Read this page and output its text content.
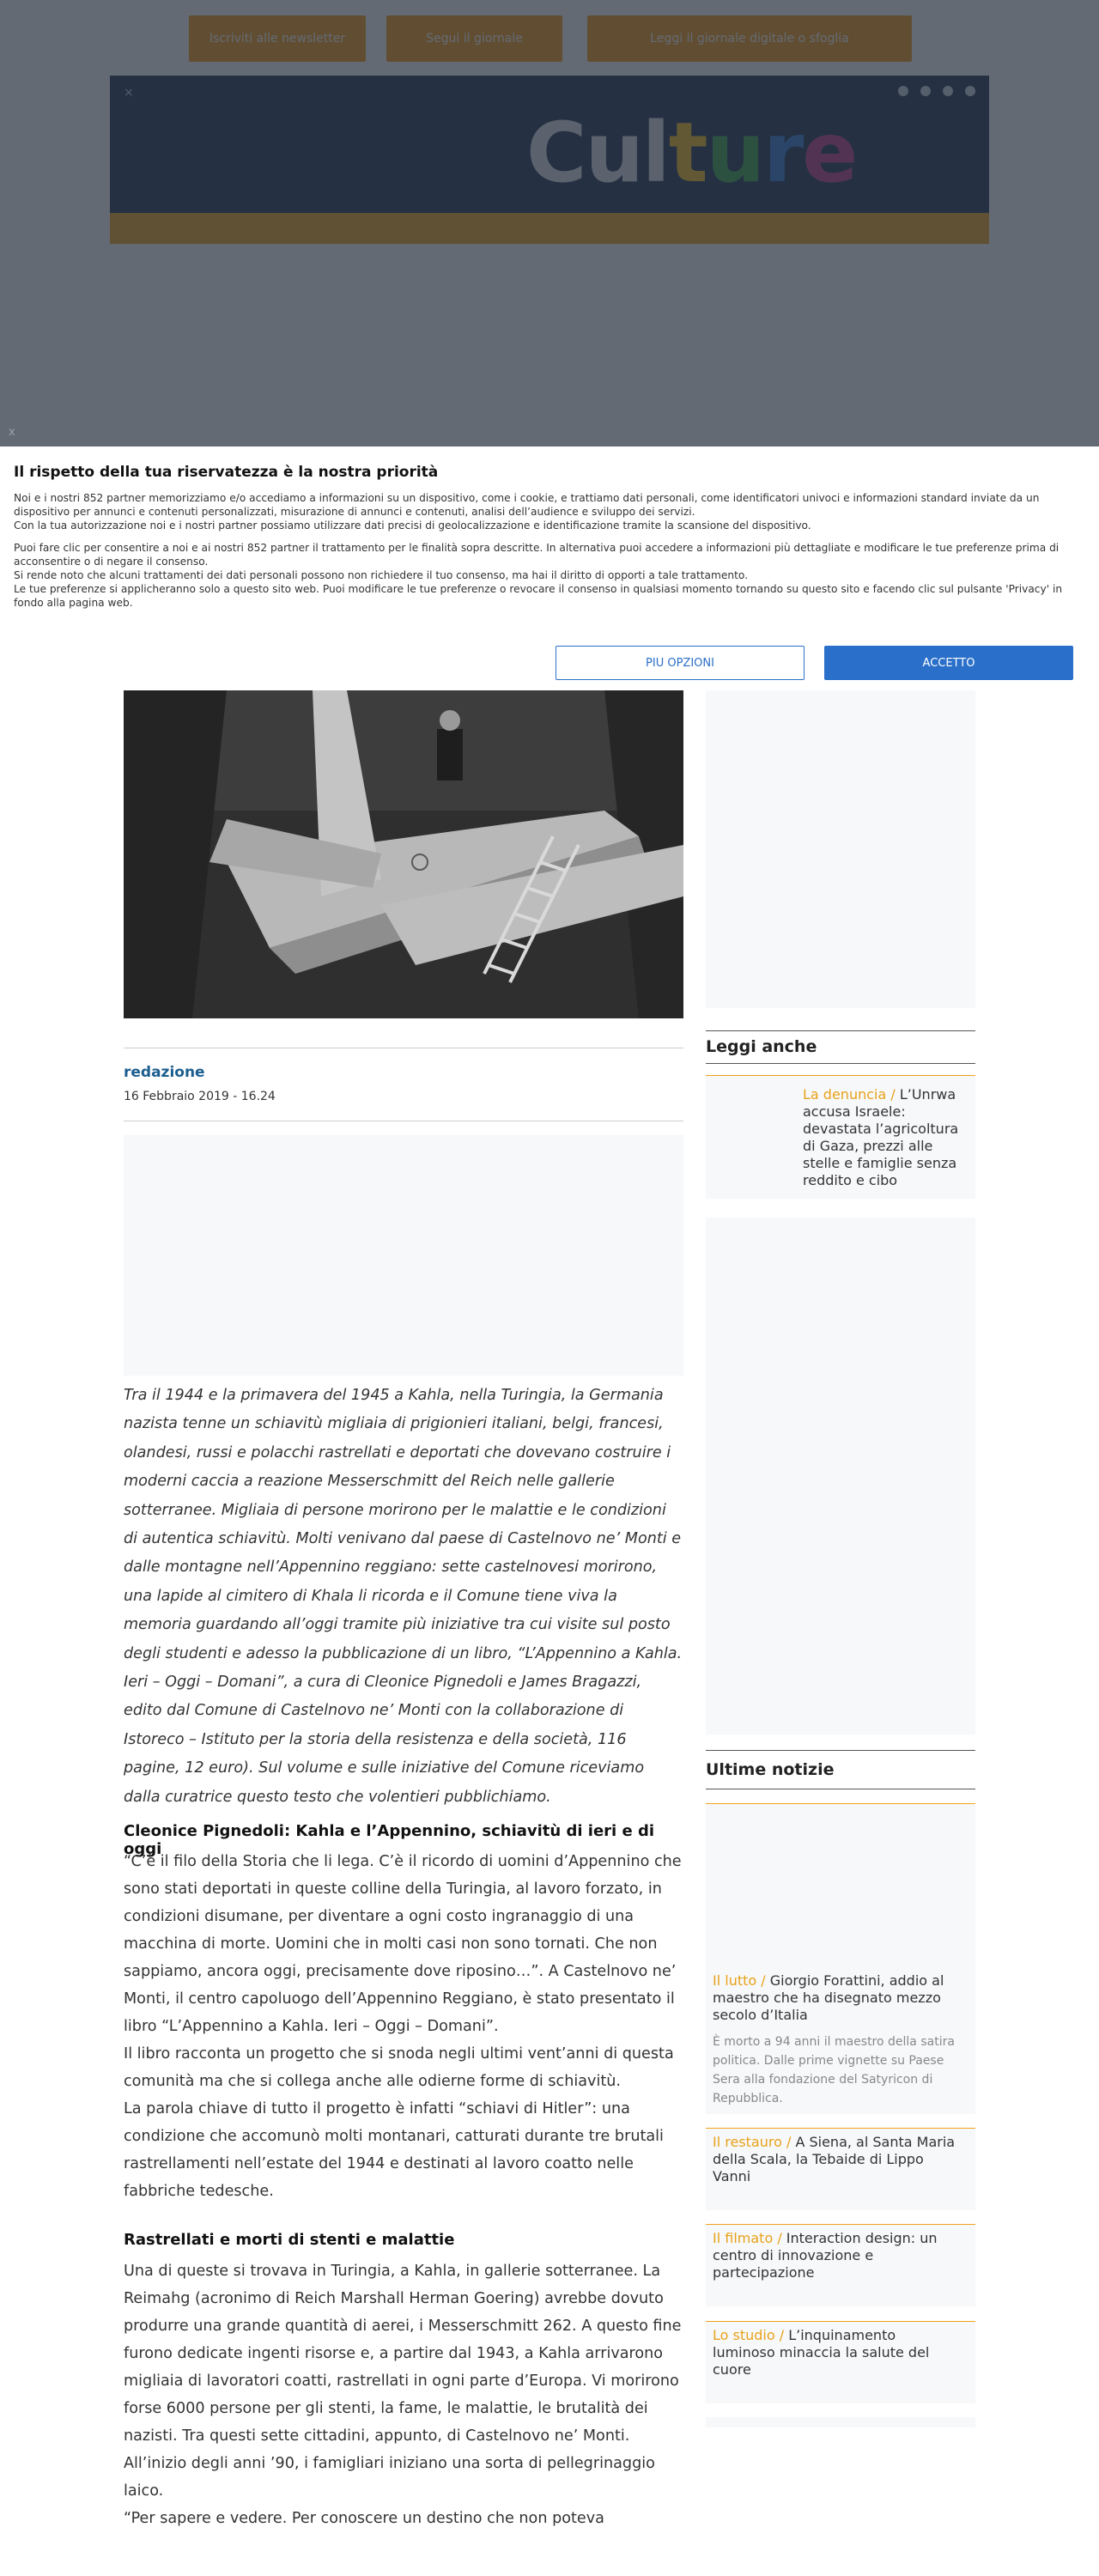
x
Il rispetto della tua riservatezza è la nostra priorità

Noi e i nostri 852 partner memorizziamo e/o accediamo a informazioni su un dispositivo, come i cookie, e trattiamo dati personali, come identificatori univoci e informazioni standard inviate da un dispositivo per annunci e contenuti personalizzati, misurazione di annunci e contenuti, analisi dell’audience e sviluppo dei servizi.

Con la tua autorizzazione noi e i nostri partner possiamo utilizzare dati precisi di geolocalizzazione e identificazione tramite la scansione del dispositivo.

Puoi fare clic per consentire a noi e ai nostri 852 partner il trattamento per le finalità sopra descritte. In alternativa puoi accedere a informazioni più dettagliate e modificare le tue preferenze prima di acconsentire o di negare il consenso.

Si rende noto che alcuni trattamenti dei dati personali possono non richiedere il tuo consenso, ma hai il diritto di opporti a tale trattamento.

Le tue preferenze si applicheranno solo a questo sito web. Puoi modificare le tue preferenze o revocare il consenso in qualsiasi momento tornando su questo sito e facendo clic sul pulsante 'Privacy' in fondo alla pagina web.

PIU OPZIONI	ACCETTO
redazione
16 Febbraio 2019 - 16.24
Tra il 1944 e la primavera del 1945 a Kahla, nella Turingia, la Germania nazista tenne un schiavitù migliaia di prigionieri italiani, belgi, francesi, olandesi, russi e polacchi rastrellati e deportati che dovevano costruire i moderni caccia a reazione Messerschmitt del Reich nelle gallerie sotterranee. Migliaia di persone morirono per le malattie e le condizioni di autentica schiavitù. Molti venivano dal paese di Castelnovo ne’ Monti e dalle montagne nell’Appennino reggiano: sette castelnovesi morirono, una lapide al cimitero di Khala li ricorda e il Comune tiene viva la memoria guardando all’oggi tramite più iniziative tra cui visite sul posto degli studenti e adesso la pubblicazione di un libro, “L’Appennino a Kahla. Ieri – Oggi – Domani”, a cura di Cleonice Pignedoli e James Bragazzi, edito dal Comune di Castelnovo ne’ Monti con la collaborazione di Istoreco – Istituto per la storia della resistenza e della società, 116 pagine, 12 euro). Sul volume e sulle iniziative del Comune riceviamo dalla curatrice questo testo che volentieri pubblichiamo.
Cleonice Pignedoli: Kahla e l’Appennino, schiavitù di ieri e di oggi

“C’è il filo della Storia che li lega. C’è il ricordo di uomini d’Appennino che sono stati deportati in queste colline della Turingia, al lavoro forzato, in condizioni disumane, per diventare a ogni costo ingranaggio di una macchina di morte. Uomini che in molti casi non sono tornati. Che non sappiamo, ancora oggi, precisamente dove riposino…”. A Castelnovo ne’ Monti, il centro capoluogo dell’Appennino Reggiano, è stato presentato il libro “L’Appennino a Kahla. Ieri – Oggi – Domani”.

Il libro racconta un progetto che si snoda negli ultimi vent’anni di questa comunità ma che si collega anche alle odierne forme di schiavitù.

La parola chiave di tutto il progetto è infatti “schiavi di Hitler”: una condizione che accomunò molti montanari, catturati durante tre brutali rastrellamenti nell’estate del 1944 e destinati al lavoro coatto nelle fabbriche tedesche.

Rastrellati e morti di stenti e malattie

Una di queste si trovava in Turingia, a Kahla, in gallerie sotterranee. La Reimahg (acronimo di Reich Marshall Herman Goering) avrebbe dovuto produrre una grande quantità di aerei, i Messerschmitt 262. A questo fine furono dedicate ingenti risorse e, a partire dal 1943, a Kahla arrivarono migliaia di lavoratori coatti, rastrellati in ogni parte d’Europa. Vi morirono forse 6000 persone per gli stenti, la fame, le malattie, le brutalità dei nazisti. Tra questi sette cittadini, appunto, di Castelnovo ne’ Monti.

All’inizio degli anni ’90, i famigliari iniziano una sorta di pellegrinaggio laico.

“Per sapere e vedere. Per conoscere un destino che non poteva

Leggi anche
La denuncia / L’Unrwa accusa Israele: devastata l’agricoltura di Gaza, prezzi alle stelle e famiglie senza reddito e cibo
Ultime notizie
Il lutto / Giorgio Forattini, addio al maestro che ha disegnato mezzo secolo d’Italia
È morto a 94 anni il maestro della satira politica. Dalle prime vignette su Paese Sera alla fondazione del Satyricon di Repubblica.
Il restauro / A Siena, al Santa Maria della Scala, la Tebaide di Lippo Vanni
Il filmato / Interaction design: un centro di innovazione e partecipazione
Lo studio / L’inquinamento luminoso minaccia la salute del cuore
